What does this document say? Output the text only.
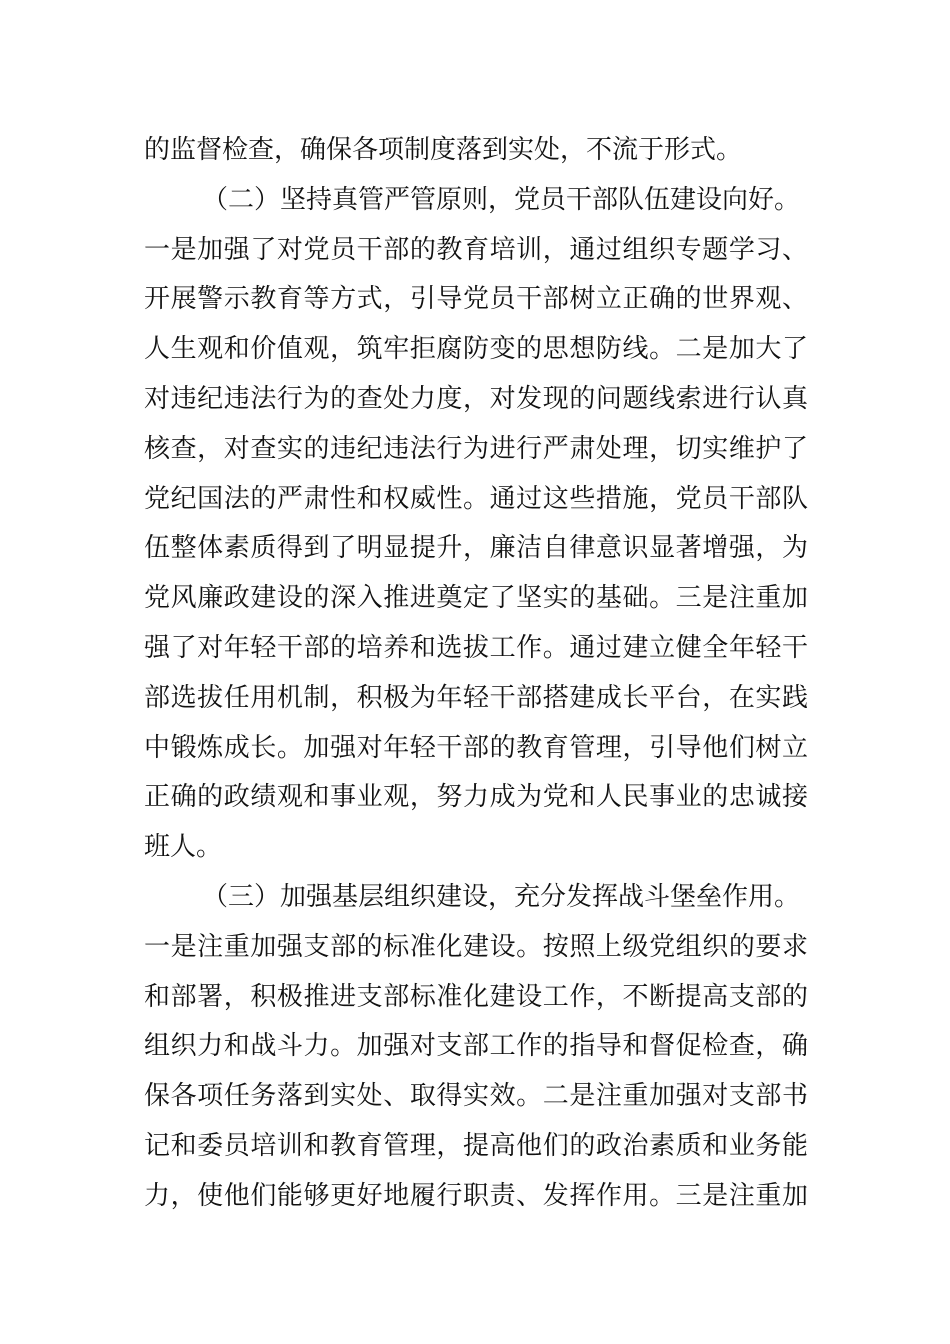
的监督检查，确保各项制度落到实处，不流于形式。
（二）坚持真管严管原则，党员干部队伍建设向好。
一是加强了对党员干部的教育培训，通过组织专题学习、
开展警示教育等方式，引导党员干部树立正确的世界观、
人生观和价值观，筑牢拒腐防变的思想防线。二是加大了
对违纪违法行为的查处力度，对发现的问题线索进行认真
核查，对查实的违纪违法行为进行严肃处理，切实维护了
党纪国法的严肃性和权威性。通过这些措施，党员干部队
伍整体素质得到了明显提升，廉洁自律意识显著增强，为
党风廉政建设的深入推进奠定了坚实的基础。三是注重加
强了对年轻干部的培养和选拔工作。通过建立健全年轻干
部选拔任用机制，积极为年轻干部搭建成长平台，在实践
中锻炼成长。加强对年轻干部的教育管理，引导他们树立
正确的政绩观和事业观，努力成为党和人民事业的忠诚接
班人。
（三）加强基层组织建设，充分发挥战斗堡垒作用。
一是注重加强支部的标准化建设。按照上级党组织的要求
和部署，积极推进支部标准化建设工作，不断提高支部的
组织力和战斗力。加强对支部工作的指导和督促检查，确
保各项任务落到实处、取得实效。二是注重加强对支部书
记和委员培训和教育管理，提高他们的政治素质和业务能
力，使他们能够更好地履行职责、发挥作用。三是注重加
